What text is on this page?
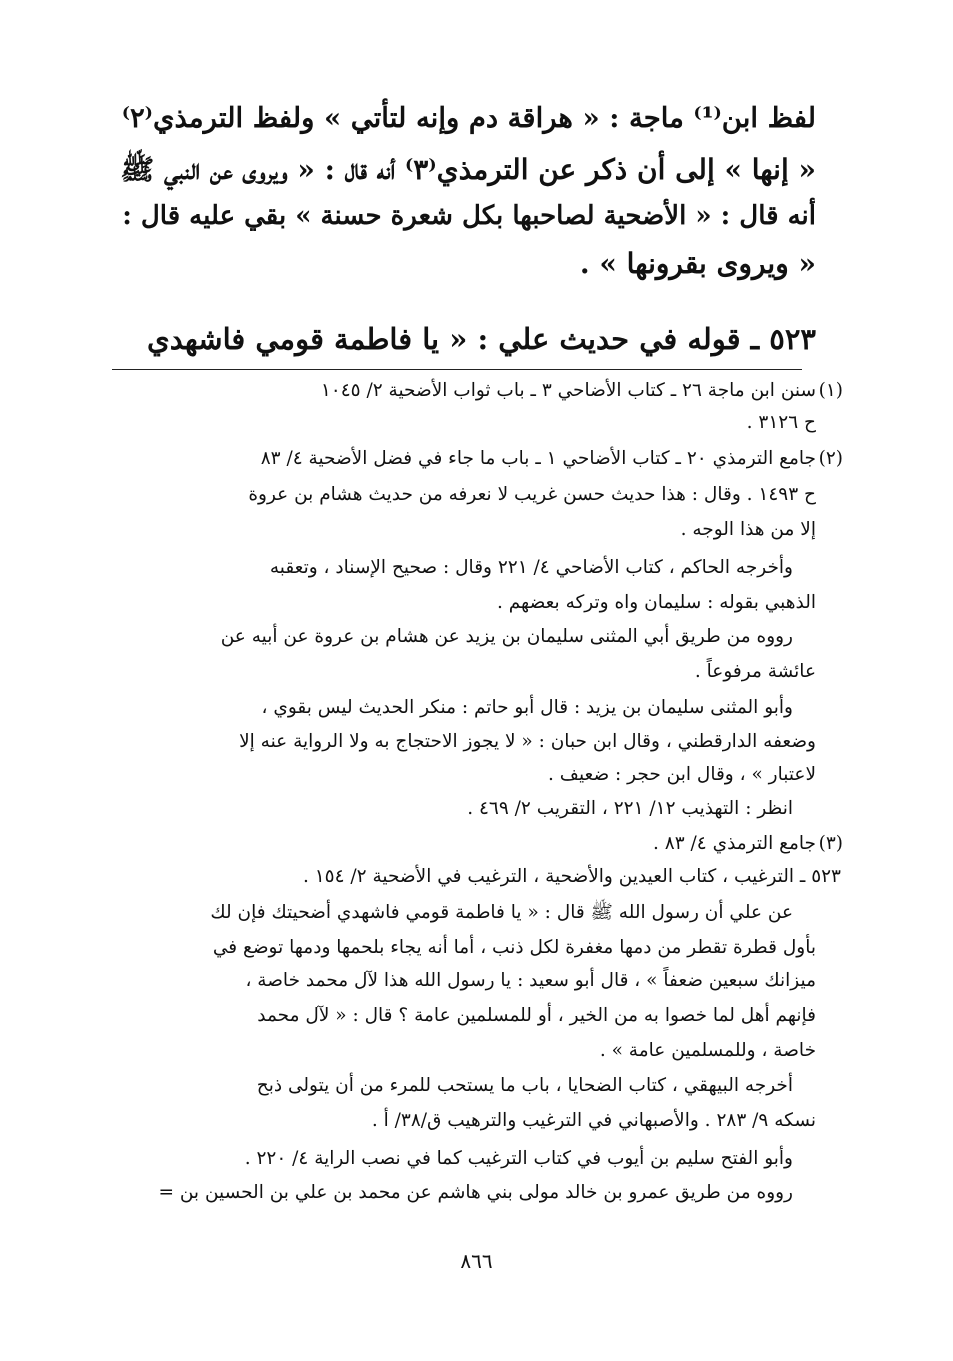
لفظ ابن⁽¹⁾ ماجة : « هراقة دم وإنه لتأتي » ولفظ الترمذي⁽٢⁾
« إنها » إلى أن ذكر عن الترمذي⁽٣⁾ أنه قال : « ويروى عن النبي ﷺ
أنه قال : « الأضحية لصاحبها بكل شعرة حسنة » بقي عليه قال :
« ويروى بقرونها » .
٥٢٣ ـ قوله في حديث علي : « يا فاطمة قومي فاشهدي
(١)
سنن ابن ماجة ٢٦ ـ كتاب الأضاحي ٣ ـ باب ثواب الأضحية ٢/ ١٠٤٥
ح ٣١٢٦ .
(٢)
جامع الترمذي ٢٠ ـ كتاب الأضاحي ١ ـ باب ما جاء في فضل الأضحية ٤/ ٨٣
ح ١٤٩٣ . وقال : هذا حديث حسن غريب لا نعرفه من حديث هشام بن عروة
إلا من هذا الوجه .
وأخرجه الحاكم ، كتاب الأضاحي ٤/ ٢٢١ وقال : صحيح الإسناد ، وتعقبه
الذهبي بقوله : سليمان واه وتركه بعضهم .
رووه من طريق أبي المثنى سليمان بن يزيد عن هشام بن عروة عن أبيه عن
عائشة مرفوعاً .
وأبو المثنى سليمان بن يزيد : قال أبو حاتم : منكر الحديث ليس بقوي ،
وضعفه الدارقطني ، وقال ابن حبان : « لا يجوز الاحتجاج به ولا الرواية عنه إلا
لاعتبار » ، وقال ابن حجر : ضعيف .
انظر : التهذيب ١٢/ ٢٢١ ، التقريب ٢/ ٤٦٩ .
(٣)
جامع الترمذي ٤/ ٨٣ .
٥٢٣ ـ الترغيب ، كتاب العيدين والأضحية ، الترغيب في الأضحية ٢/ ١٥٤ .
عن علي أن رسول الله ﷺ قال : « يا فاطمة قومي فاشهدي أضحيتك فإن لك
بأول قطرة تقطر من دمها مغفرة لكل ذنب ، أما أنه يجاء بلحمها ودمها توضع في
ميزانك سبعين ضعفاً » ، قال أبو سعيد : يا رسول الله هذا لآل محمد خاصة ،
فإنهم أهل لما خصوا به من الخير ، أو للمسلمين عامة ؟ قال : « لآل محمد
خاصة ، وللمسلمين عامة » .
أخرجه البيهقي ، كتاب الضحايا ، باب ما يستحب للمرء من أن يتولى ذبح
نسكه ٩/ ٢٨٣ . والأصبهاني في الترغيب والترهيب ق/٣٨/ أ .
وأبو الفتح سليم بن أيوب في كتاب الترغيب كما في نصب الراية ٤/ ٢٢٠ .
رووه من طريق عمرو بن خالد مولى بني هاشم عن محمد بن علي بن الحسين بن =
٨٦٦
